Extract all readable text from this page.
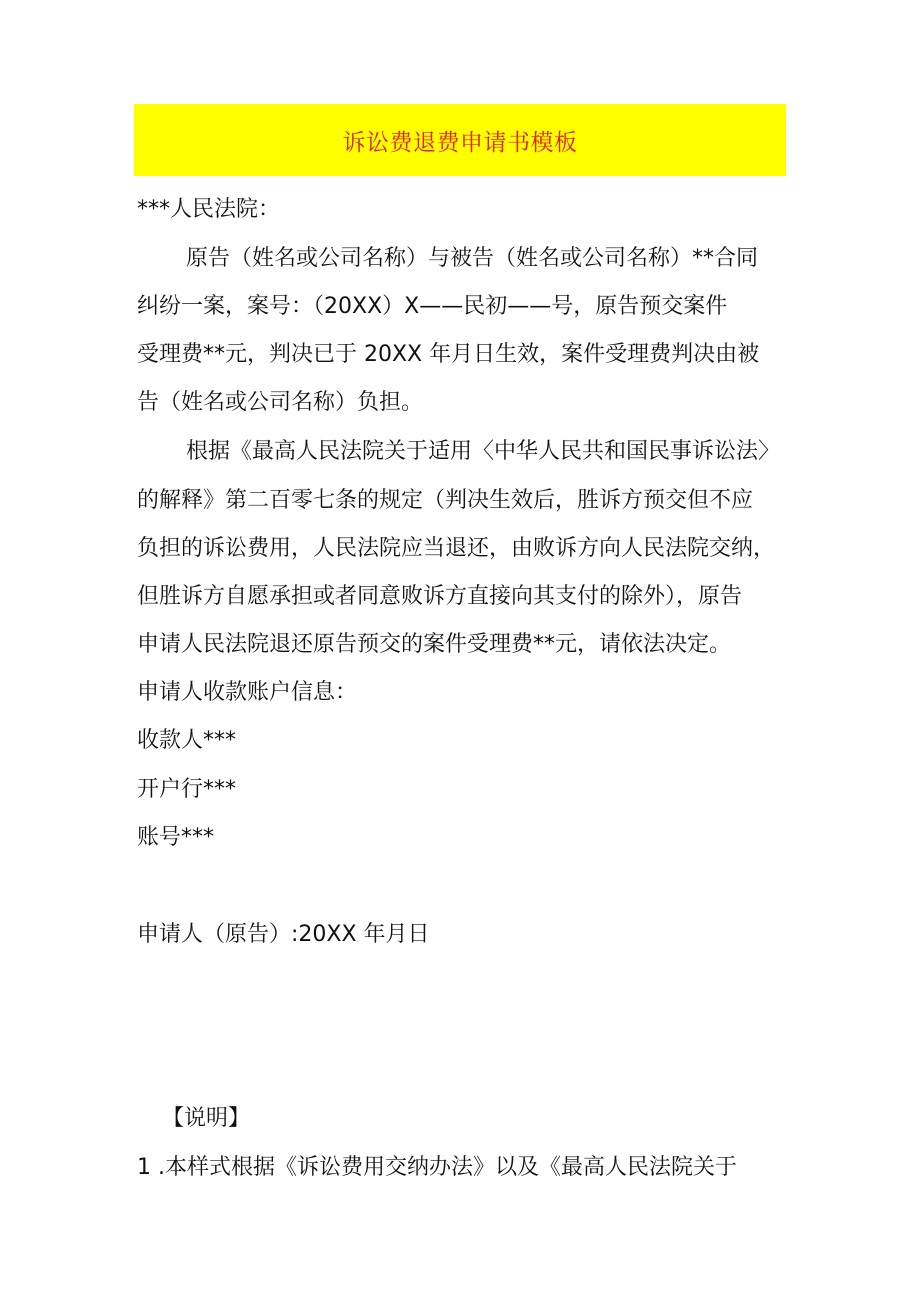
诉讼费退费申请书模板
***人民法院：
原告（姓名或公司名称）与被告（姓名或公司名称）**合同
纠纷一案，案号：（20XX）X——民初——号，原告预交案件
受理费**元，判决已于 20XX 年月日生效，案件受理费判决由被
告（姓名或公司名称）负担。
根据《最高人民法院关于适用〈中华人民共和国民事诉讼法〉
的解释》第二百零七条的规定（判决生效后，胜诉方预交但不应
负担的诉讼费用，人民法院应当退还，由败诉方向人民法院交纳，
但胜诉方自愿承担或者同意败诉方直接向其支付的除外），原告
申请人民法院退还原告预交的案件受理费**元，请依法决定。
申请人收款账户信息：
收款人***
开户行***
账号***
申请人（原告）:20XX 年月日
【说明】
1 .本样式根据《诉讼费用交纳办法》以及《最高人民法院关于
